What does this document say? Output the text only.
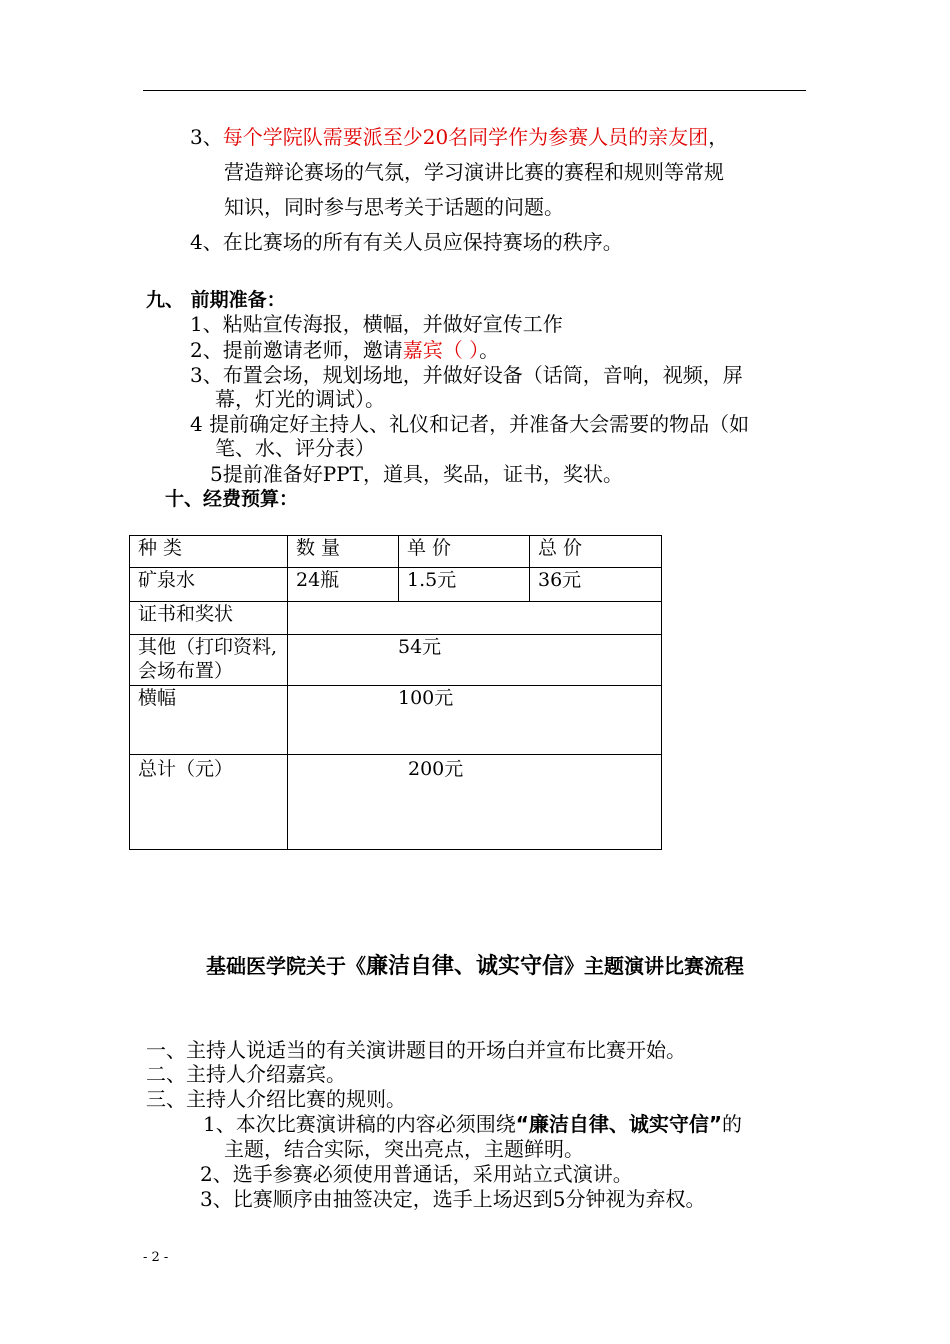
3、每个学院队需要派至少20名同学作为参赛人员的亲友团，
营造辩论赛场的气氛，学习演讲比赛的赛程和规则等常规
知识，同时参与思考关于话题的问题。
4、在比赛场的所有有关人员应保持赛场的秩序。
九、 前期准备：
1、粘贴宣传海报，横幅，并做好宣传工作
2、提前邀请老师，邀请嘉宾（ ）。
3、布置会场，规划场地，并做好设备（话筒，音响，视频，屏
幕，灯光的调试）。
4 提前确定好主持人、礼仪和记者，并准备大会需要的物品（如
笔、水、评分表）
5提前准备好PPT，道具，奖品，证书，奖状。
十、经费预算：
种 类	数 量	单 价	总 价
矿泉水	24瓶	1.5元	36元
证书和奖状			
其他（打印资料,会场布置）	54元		
横幅	100元		
总计（元）	200元		
基础医学院关于《廉洁自律、诚实守信》主题演讲比赛流程
一、主持人说适当的有关演讲题目的开场白并宣布比赛开始。
二、主持人介绍嘉宾。
三、主持人介绍比赛的规则。
1、本次比赛演讲稿的内容必须围绕“廉洁自律、诚实守信”的
主题，结合实际，突出亮点，主题鲜明。
2、选手参赛必须使用普通话，采用站立式演讲。
3、比赛顺序由抽签决定，选手上场迟到5分钟视为弃权。
- 2 -
